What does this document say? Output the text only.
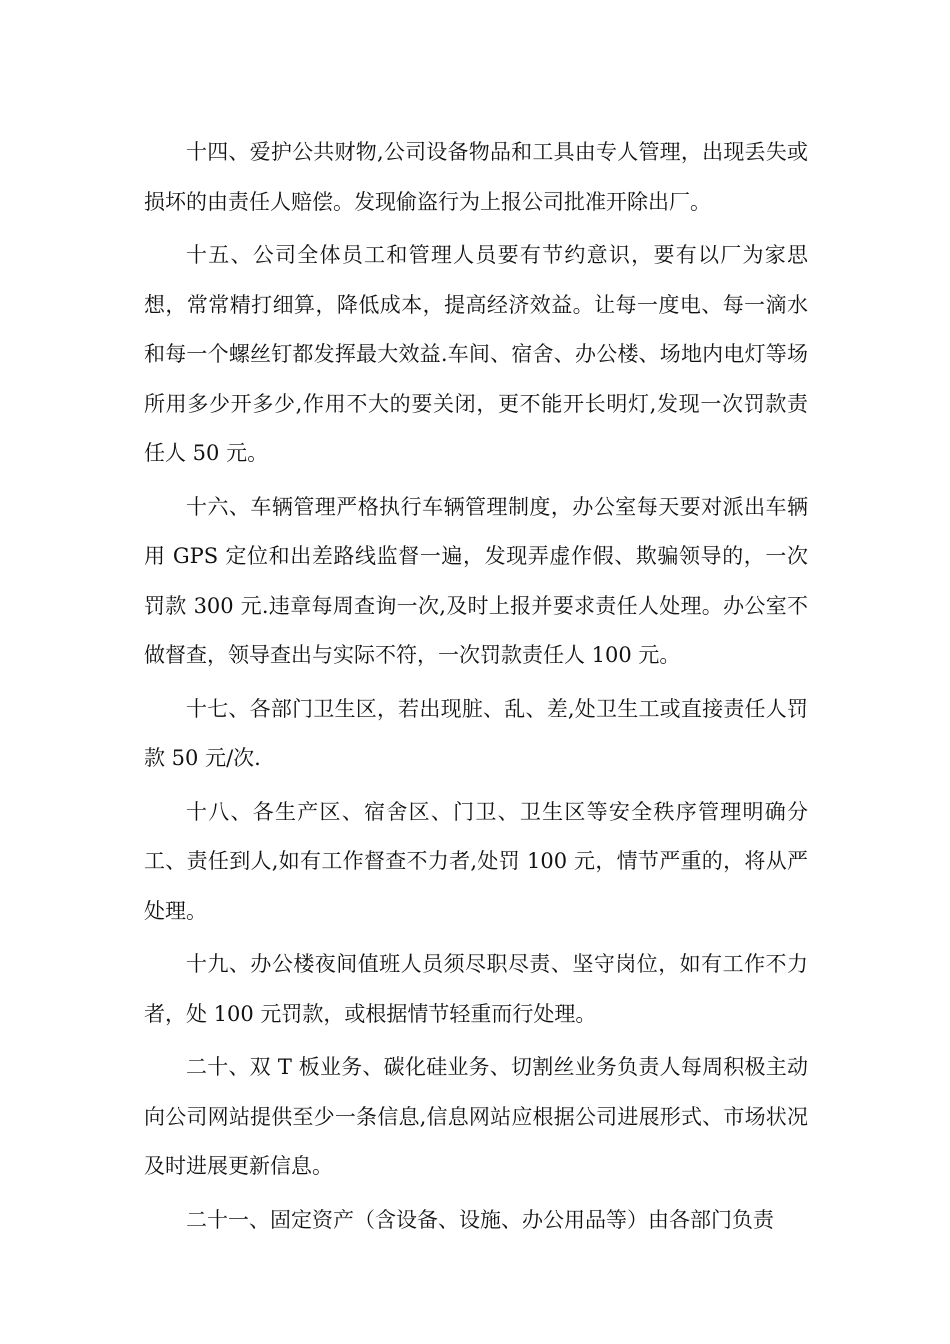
十四、爱护公共财物,公司设备物品和工具由专人管理，出现丢失或损坏的由责任人赔偿。发现偷盗行为上报公司批准开除出厂。

十五、公司全体员工和管理人员要有节约意识，要有以厂为家思想，常常精打细算，降低成本，提高经济效益。让每一度电、每一滴水和每一个螺丝钉都发挥最大效益.车间、宿舍、办公楼、场地内电灯等场所用多少开多少,作用不大的要关闭，更不能开长明灯,发现一次罚款责任人 50 元。

十六、车辆管理严格执行车辆管理制度，办公室每天要对派出车辆用 GPS 定位和出差路线监督一遍，发现弄虚作假、欺骗领导的，一次罚款 300 元.违章每周查询一次,及时上报并要求责任人处理。办公室不做督查，领导查出与实际不符，一次罚款责任人 100 元。

十七、各部门卫生区，若出现脏、乱、差,处卫生工或直接责任人罚款 50 元/次.

十八、各生产区、宿舍区、门卫、卫生区等安全秩序管理明确分工、责任到人,如有工作督查不力者,处罚 100 元，情节严重的，将从严处理。

十九、办公楼夜间值班人员须尽职尽责、坚守岗位，如有工作不力者，处 100 元罚款，或根据情节轻重而行处理。

二十、双 T 板业务、碳化硅业务、切割丝业务负责人每周积极主动向公司网站提供至少一条信息,信息网站应根据公司进展形式、市场状况及时进展更新信息。

二十一、固定资产（含设备、设施、办公用品等）由各部门负责
